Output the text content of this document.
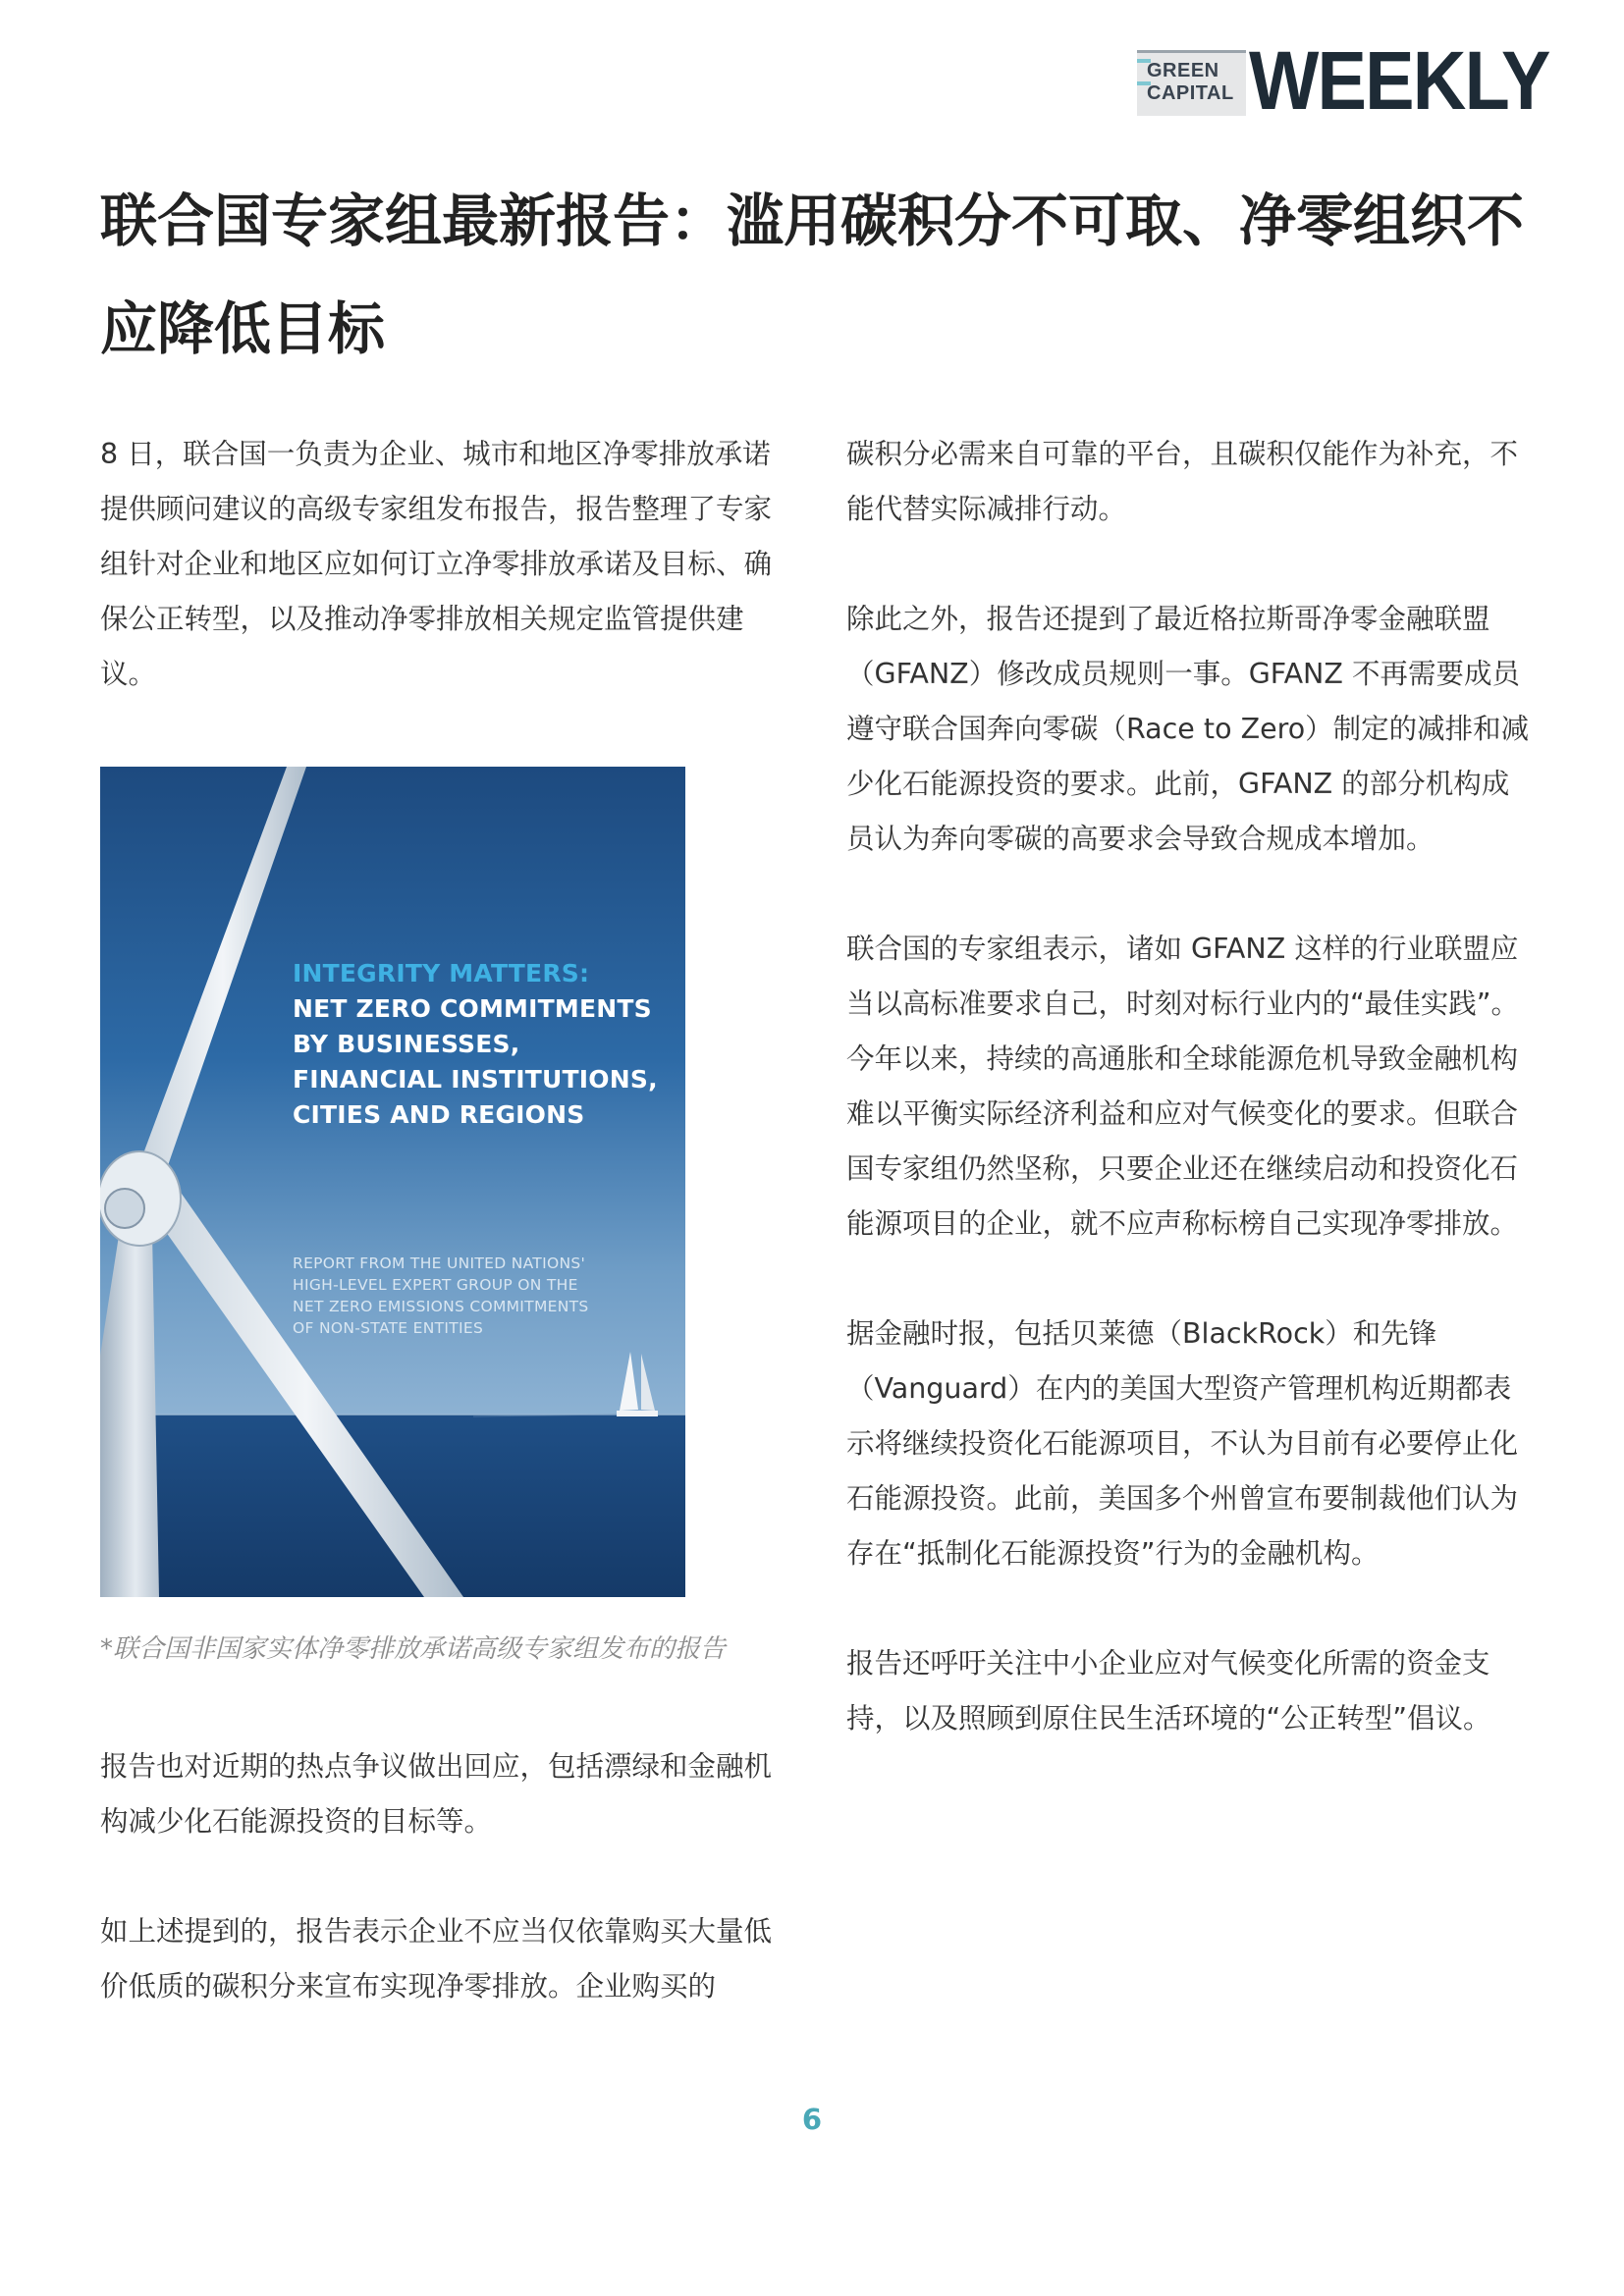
GREEN
CAPITAL WEEKLY
联合国专家组最新报告：滥用碳积分不可取、净零组织不应降低目标

8 日，联合国一负责为企业、城市和地区净零排放承诺提供顾问建议的高级专家组发布报告，报告整理了专家组针对企业和地区应如何订立净零排放承诺及目标、确保公正转型，以及推动净零排放相关规定监管提供建议。

INTEGRITY MATTERS:
NET ZERO COMMITMENTS
BY BUSINESSES,
FINANCIAL INSTITUTIONS,
CITIES AND REGIONS
REPORT FROM THE UNITED NATIONS'
HIGH-LEVEL EXPERT GROUP ON THE
NET ZERO EMISSIONS COMMITMENTS
OF NON-STATE ENTITIES
*联合国非国家实体净零排放承诺高级专家组发布的报告

报告也对近期的热点争议做出回应，包括漂绿和金融机构减少化石能源投资的目标等。

如上述提到的，报告表示企业不应当仅依靠购买大量低价低质的碳积分来宣布实现净零排放。企业购买的

碳积分必需来自可靠的平台，且碳积仅能作为补充，不能代替实际减排行动。

除此之外，报告还提到了最近格拉斯哥净零金融联盟（GFANZ）修改成员规则一事。GFANZ 不再需要成员遵守联合国奔向零碳（Race to Zero）制定的减排和减少化石能源投资的要求。此前，GFANZ 的部分机构成员认为奔向零碳的高要求会导致合规成本增加。

联合国的专家组表示，诸如 GFANZ 这样的行业联盟应当以高标准要求自己，时刻对标行业内的“最佳实践”。今年以来，持续的高通胀和全球能源危机导致金融机构难以平衡实际经济利益和应对气候变化的要求。但联合国专家组仍然坚称，只要企业还在继续启动和投资化石能源项目的企业，就不应声称标榜自己实现净零排放。

据金融时报，包括贝莱德（BlackRock）和先锋（Vanguard）在内的美国大型资产管理机构近期都表示将继续投资化石能源项目，不认为目前有必要停止化石能源投资。此前，美国多个州曾宣布要制裁他们认为存在“抵制化石能源投资”行为的金融机构。

报告还呼吁关注中小企业应对气候变化所需的资金支持，以及照顾到原住民生活环境的“公正转型”倡议。

6
